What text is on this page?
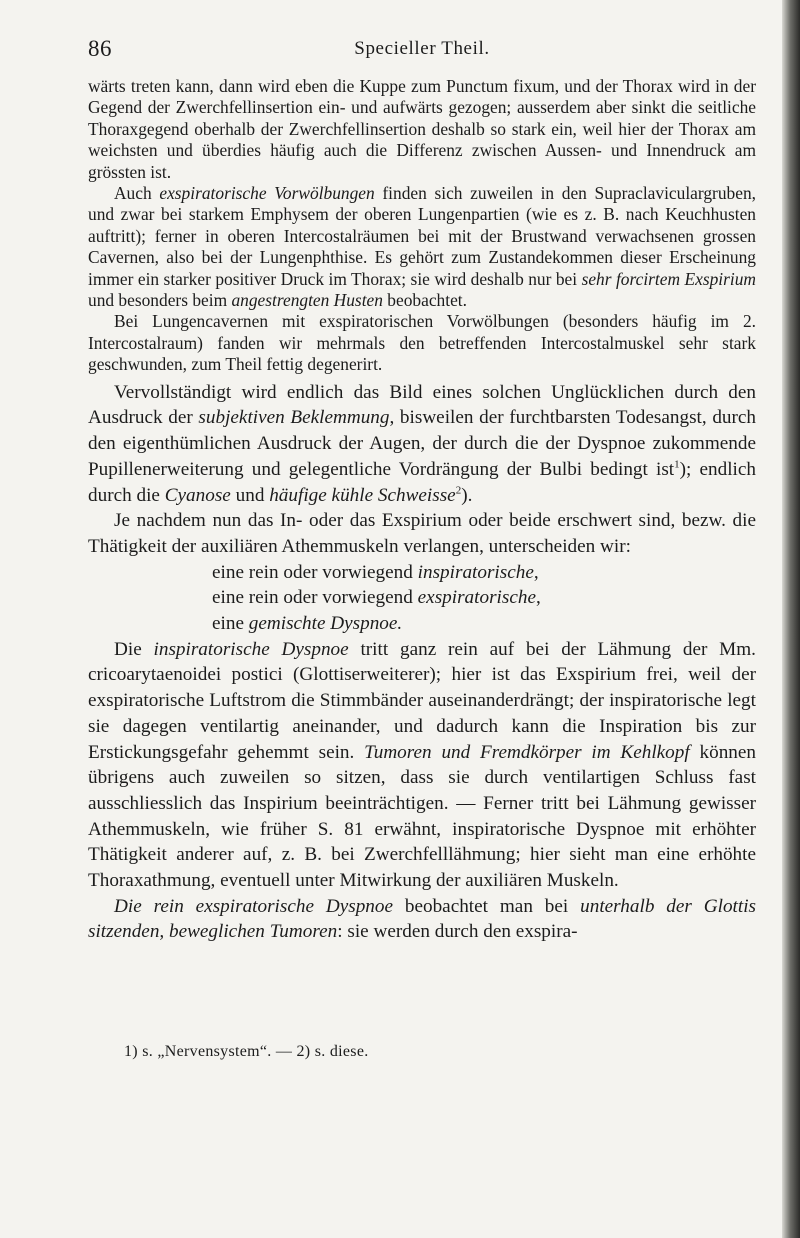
86	Specieller Theil.

wärts treten kann, dann wird eben die Kuppe zum Punctum fixum, und der Thorax wird in der Gegend der Zwerchfellinsertion ein- und aufwärts gezogen; ausserdem aber sinkt die seitliche Thoraxgegend oberhalb der Zwerchfellinsertion deshalb so stark ein, weil hier der Thorax am weichsten und überdies häufig auch die Differenz zwischen Aussen- und Innendruck am grössten ist.

Auch exspiratorische Vorwölbungen finden sich zuweilen in den Supraclaviculargruben, und zwar bei starkem Emphysem der oberen Lungenpartien (wie es z. B. nach Keuchhusten auftritt); ferner in oberen Intercostalräumen bei mit der Brustwand verwachsenen grossen Cavernen, also bei der Lungenphthise. Es gehört zum Zustandekommen dieser Erscheinung immer ein starker positiver Druck im Thorax; sie wird deshalb nur bei sehr forcirtem Exspirium und besonders beim angestrengten Husten beobachtet.

Bei Lungencavernen mit exspiratorischen Vorwölbungen (besonders häufig im 2. Intercostalraum) fanden wir mehrmals den betreffenden Intercostalmuskel sehr stark geschwunden, zum Theil fettig degenerirt.

Vervollständigt wird endlich das Bild eines solchen Unglücklichen durch den Ausdruck der subjektiven Beklemmung, bisweilen der furchtbarsten Todesangst, durch den eigenthümlichen Ausdruck der Augen, der durch die der Dyspnoe zukommende Pupillenerweiterung und gelegentliche Vordrängung der Bulbi bedingt ist$^1$); endlich durch die Cyanose und häufige kühle Schweisse$^2$).

Je nachdem nun das In- oder das Exspirium oder beide erschwert sind, bezw. die Thätigkeit der auxiliären Athemmuskeln verlangen, unterscheiden wir:

eine rein oder vorwiegend inspiratorische,
eine rein oder vorwiegend exspiratorische,
eine gemischte Dyspnoe.

Die inspiratorische Dyspnoe tritt ganz rein auf bei der Lähmung der Mm. cricoarytaenoidei postici (Glottiserweiterer); hier ist das Exspirium frei, weil der exspiratorische Luftstrom die Stimmbänder auseinanderdrängt; der inspiratorische legt sie dagegen ventilartig aneinander, und dadurch kann die Inspiration bis zur Erstickungsgefahr gehemmt sein. Tumoren und Fremdkörper im Kehlkopf können übrigens auch zuweilen so sitzen, dass sie durch ventilartigen Schluss fast ausschliesslich das Inspirium beeinträchtigen. — Ferner tritt bei Lähmung gewisser Athemmuskeln, wie früher S. 81 erwähnt, inspiratorische Dyspnoe mit erhöhter Thätigkeit anderer auf, z. B. bei Zwerchfelllähmung; hier sieht man eine erhöhte Thoraxathmung, eventuell unter Mitwirkung der auxiliären Muskeln.

Die rein exspiratorische Dyspnoe beobachtet man bei unterhalb der Glottis sitzenden, beweglichen Tumoren: sie werden durch den exspira-

1) s. „Nervensystem“. — 2) s. diese.
